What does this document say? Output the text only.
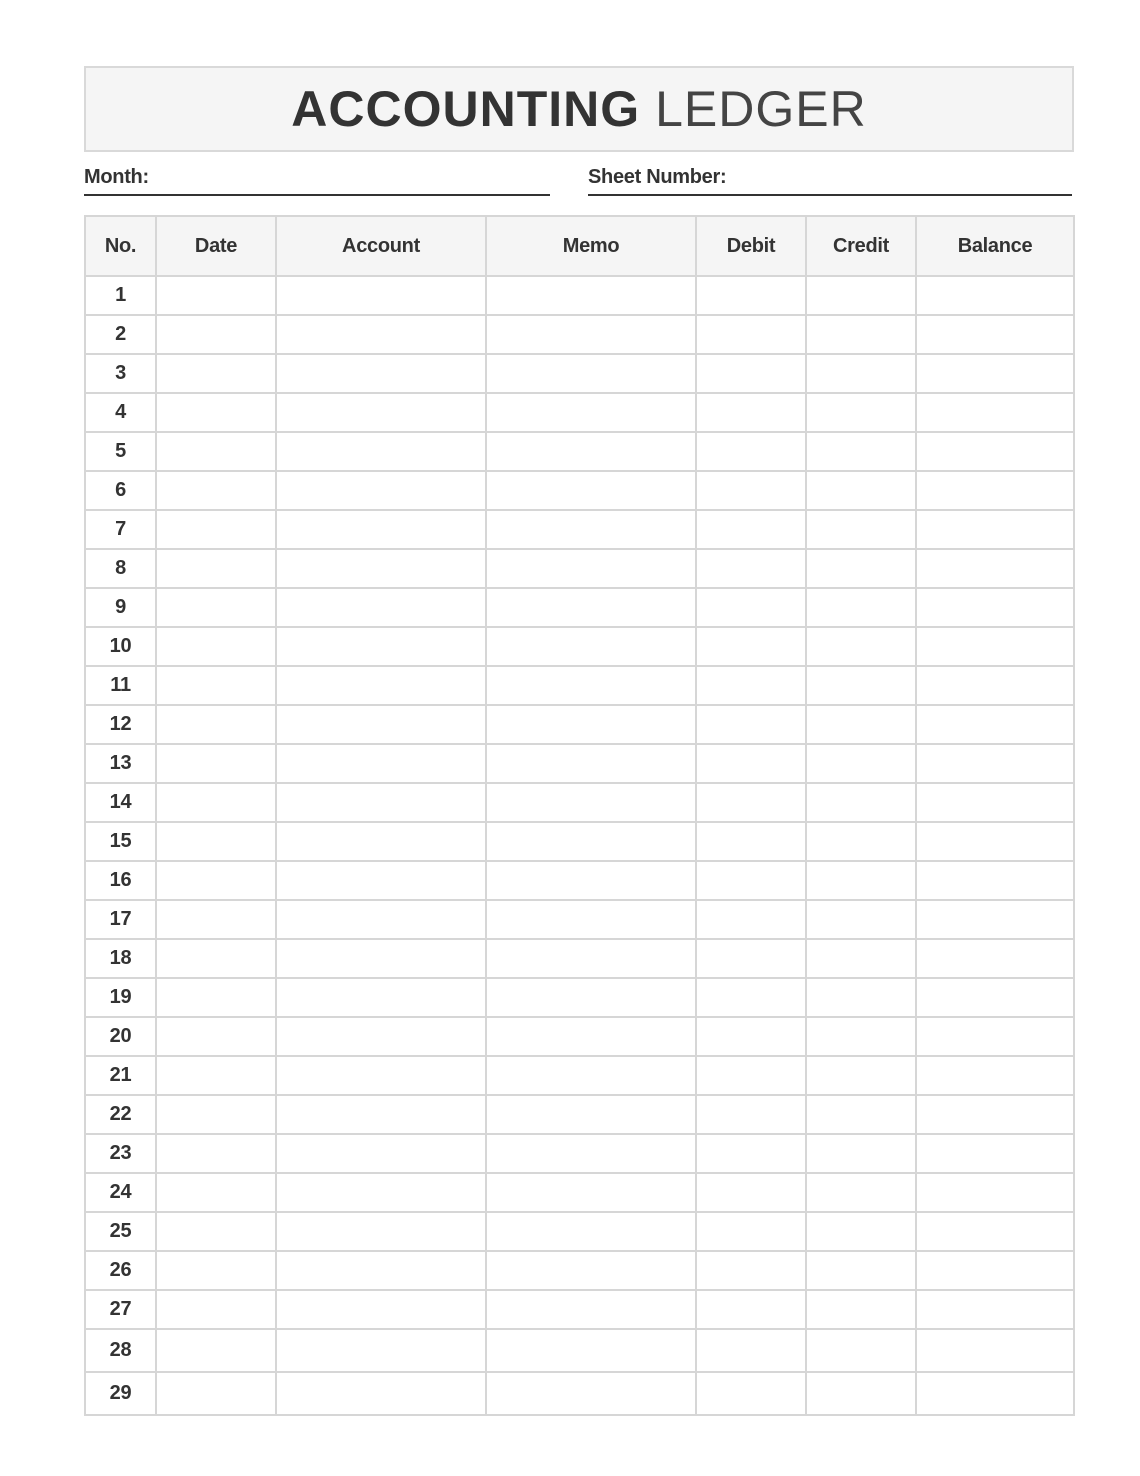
ACCOUNTING LEDGER
Month:	Sheet Number:
No.	Date	Account	Memo	Debit	Credit	Balance
1						
2						
3						
4						
5						
6						
7						
8						
9						
10						
11						
12						
13						
14						
15						
16						
17						
18						
19						
20						
21						
22						
23						
24						
25						
26						
27						
28						
29						
